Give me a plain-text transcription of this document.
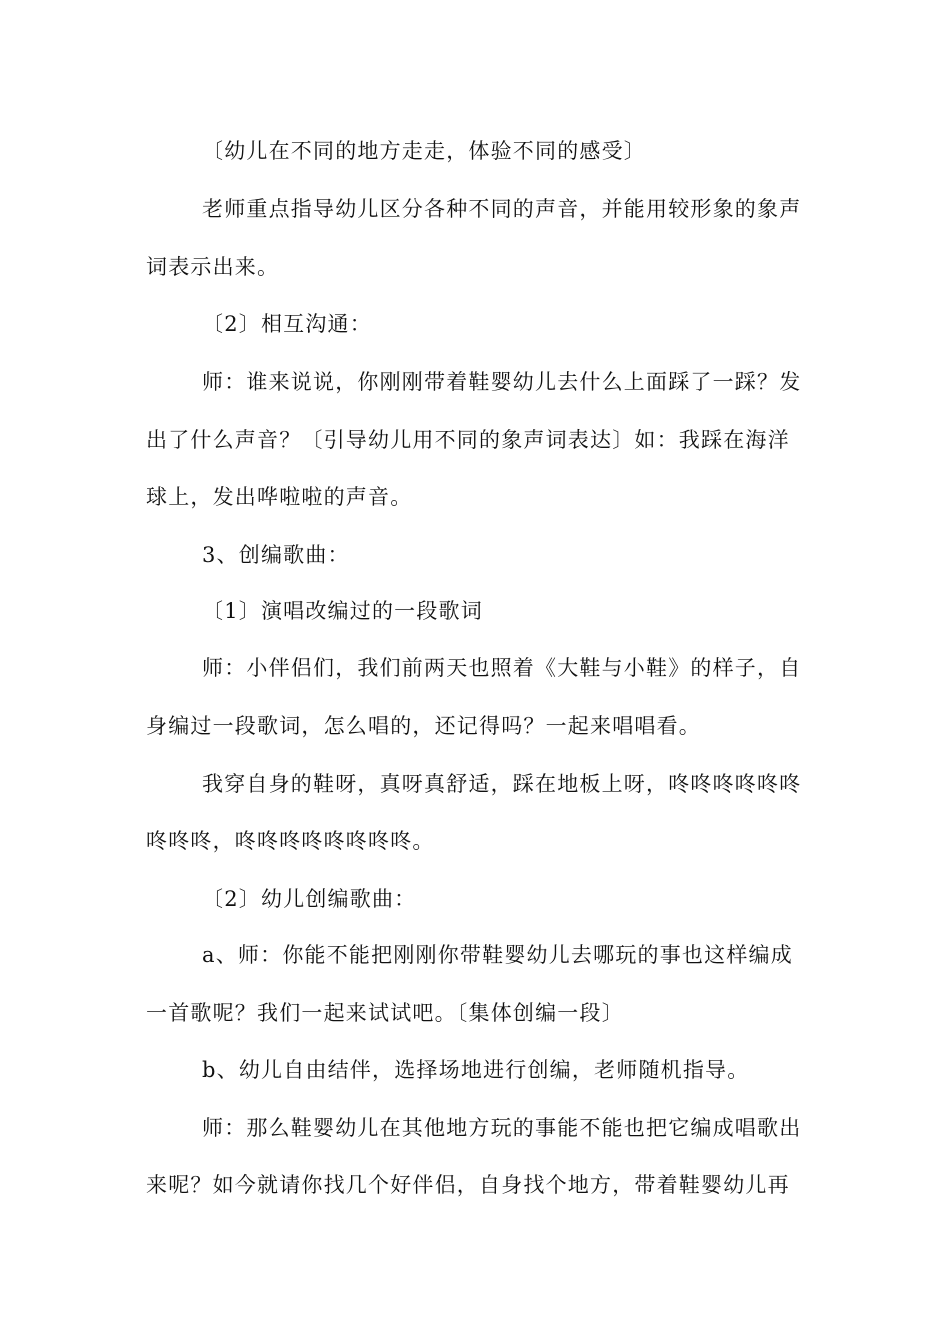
〔幼儿在不同的地方走走，体验不同的感受〕
老师重点指导幼儿区分各种不同的声音，并能用较形象的象声
词表示出来。
〔2〕相互沟通：
师：谁来说说，你刚刚带着鞋婴幼儿去什么上面踩了一踩？发
出了什么声音？〔引导幼儿用不同的象声词表达〕如：我踩在海洋
球上，发出哗啦啦的声音。
3、创编歌曲：
〔1〕演唱改编过的一段歌词
师：小伴侣们，我们前两天也照着《大鞋与小鞋》的样子，自
身编过一段歌词，怎么唱的，还记得吗？一起来唱唱看。
我穿自身的鞋呀，真呀真舒适，踩在地板上呀，咚咚咚咚咚咚
咚咚咚，咚咚咚咚咚咚咚咚。
〔2〕幼儿创编歌曲：
a、师：你能不能把刚刚你带鞋婴幼儿去哪玩的事也这样编成
一首歌呢？我们一起来试试吧。〔集体创编一段〕
b、幼儿自由结伴，选择场地进行创编，老师随机指导。
师：那么鞋婴幼儿在其他地方玩的事能不能也把它编成唱歌出
来呢？如今就请你找几个好伴侣，自身找个地方，带着鞋婴幼儿再
